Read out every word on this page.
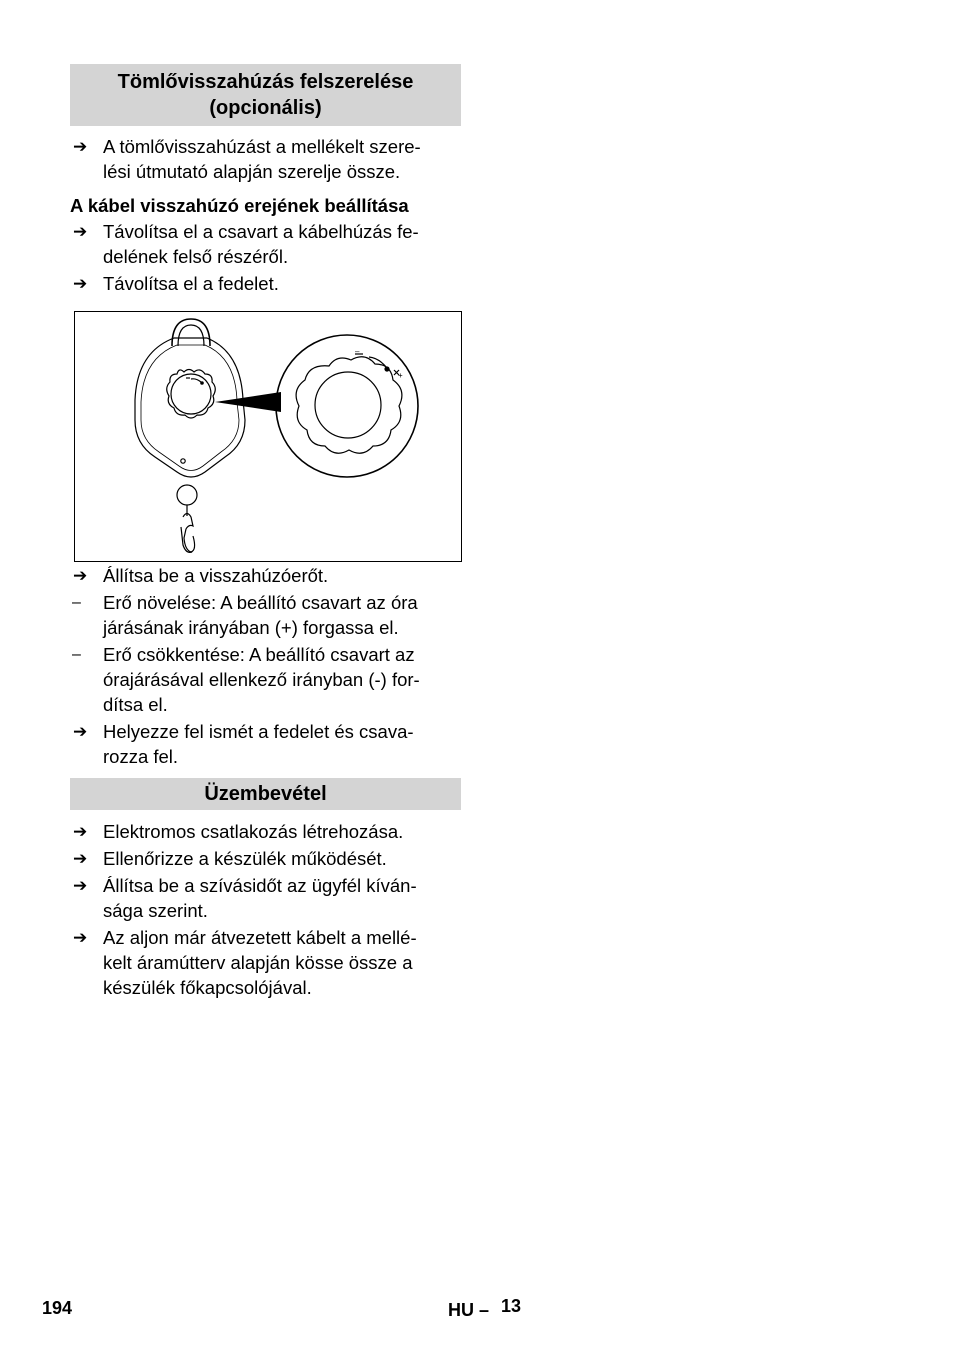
Tömlővisszahúzás felszerelése
(opcionális)
➔ A tömlővisszahúzást a mellékelt szere-
lési útmutató alapján szerelje össze.

A kábel visszahúzó erejének beállítása

➔ Távolítsa el a csavart a kábelhúzás fe-
delének felső részéről.
➔ Távolítsa el a fedelet.
–
+
➔ Állítsa be a visszahúzóerőt.
–	Erő növelése: A beállító csavart az óra
járásának irányában (+) forgassa el.
–	Erő csökkentése: A beállító csavart az
órajárásával ellenkező irányban (-) for-
dítsa el.
➔ Helyezze fel ismét a fedelet és csava-
rozza fel.
Üzembevétel
➔ Elektromos csatlakozás létrehozása.
➔ Ellenőrizze a készülék működését.
➔ Állítsa be a szívásidőt az ügyfél kíván-
sága szerint.
➔ Az aljon már átvezetett kábelt a mellé-
kelt áramútterv alapján kösse össze a
készülék főkapcsolójával.
194	HU – 13
